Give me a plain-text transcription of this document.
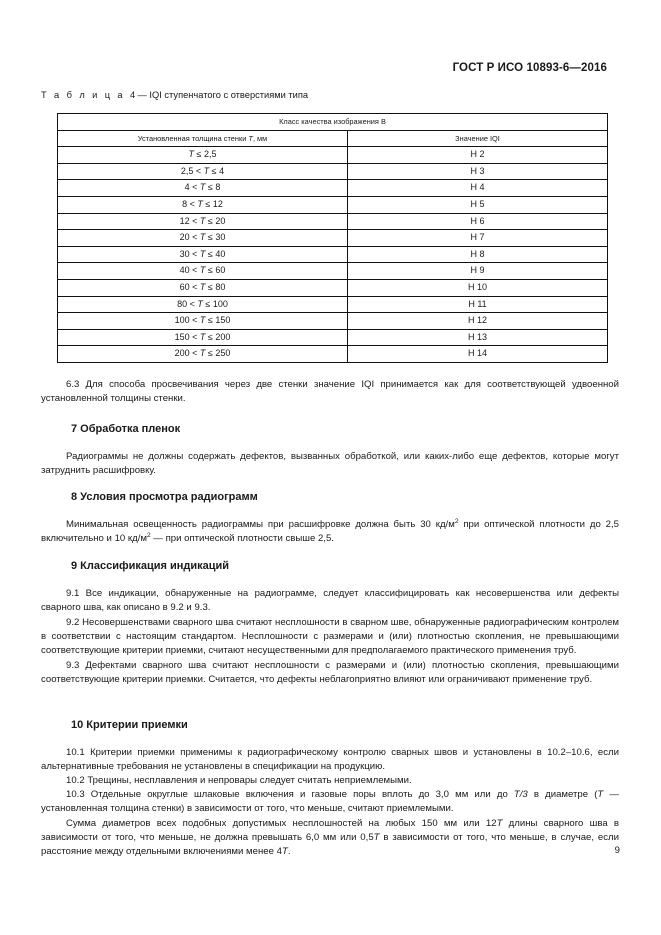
ГОСТ Р ИСО 10893-6—2016
Т а б л и ц а 4— IQI ступенчатого с отверстиями типа
Класс качества изображения В	
Установленная толщина стенки T, мм	Значение IQI
T ≤ 2,5	H 2
2,5 < T ≤ 4	H 3
4 < T ≤ 8	H 4
8 < T ≤ 12	H 5
12 < T ≤ 20	H 6
20 < T ≤ 30	H 7
30 < T ≤ 40	H 8
40 < T ≤ 60	H 9
60 < T ≤ 80	H 10
80 < T ≤ 100	H 11
100 < T ≤ 150	H 12
150 < T ≤ 200	H 13
200 < T ≤ 250	H 14

6.3 Для способа просвечивания через две стенки значение IQI принимается как для соответствующей удвоенной установленной толщины стенки.

7 Обработка пленок

Радиограммы не должны содержать дефектов, вызванных обработкой, или каких-либо еще дефектов, которые могут затруднить расшифровку.

8 Условия просмотра радиограмм

Минимальная освещенность радиограммы при расшифровке должна быть 30 $кд/м^2$ при оптической плотности до 2,5 включительно и 10 $кд/м^2$ — при оптической плотности свыше 2,5.

9 Классификация индикаций

9.1 Все индикации, обнаруженные на радиограмме, следует классифицировать как несовершенства или дефекты сварного шва, как описано в 9.2 и 9.3.

9.2 Несовершенствами сварного шва считают несплошности в сварном шве, обнаруженные радиографическим контролем в соответствии с настоящим стандартом. Несплошности с размерами и (или) плотностью скопления, не превышающими соответствующие критерии приемки, считают несущественными для предполагаемого практического применения труб.

9.3 Дефектами сварного шва считают несплошности с размерами и (или) плотностью скопления, превышающими соответствующие критерии приемки. Считается, что дефекты неблагоприятно влияют или ограничивают применение труб.

10 Критерии приемки

10.1 Критерии приемки применимы к радиографическому контролю сварных швов и установлены в 10.2–10.6, если альтернативные требования не установлены в спецификации на продукцию.

10.2 Трещины, несплавления и непровары следует считать неприемлемыми.

10.3 Отдельные округлые шлаковые включения и газовые поры вплоть до 3,0 мм или до T/3 в диаметре (T — установленная толщина стенки) в зависимости от того, что меньше, считают приемлемыми.

Сумма диаметров всех подобных допустимых несплошностей на любых 150 мм или 12T длины сварного шва в зависимости от того, что меньше, не должна превышать 6,0 мм или 0,5T в зависимости от того, что меньше, в случае, если расстояние между отдельными включениями менее 4T.	9
